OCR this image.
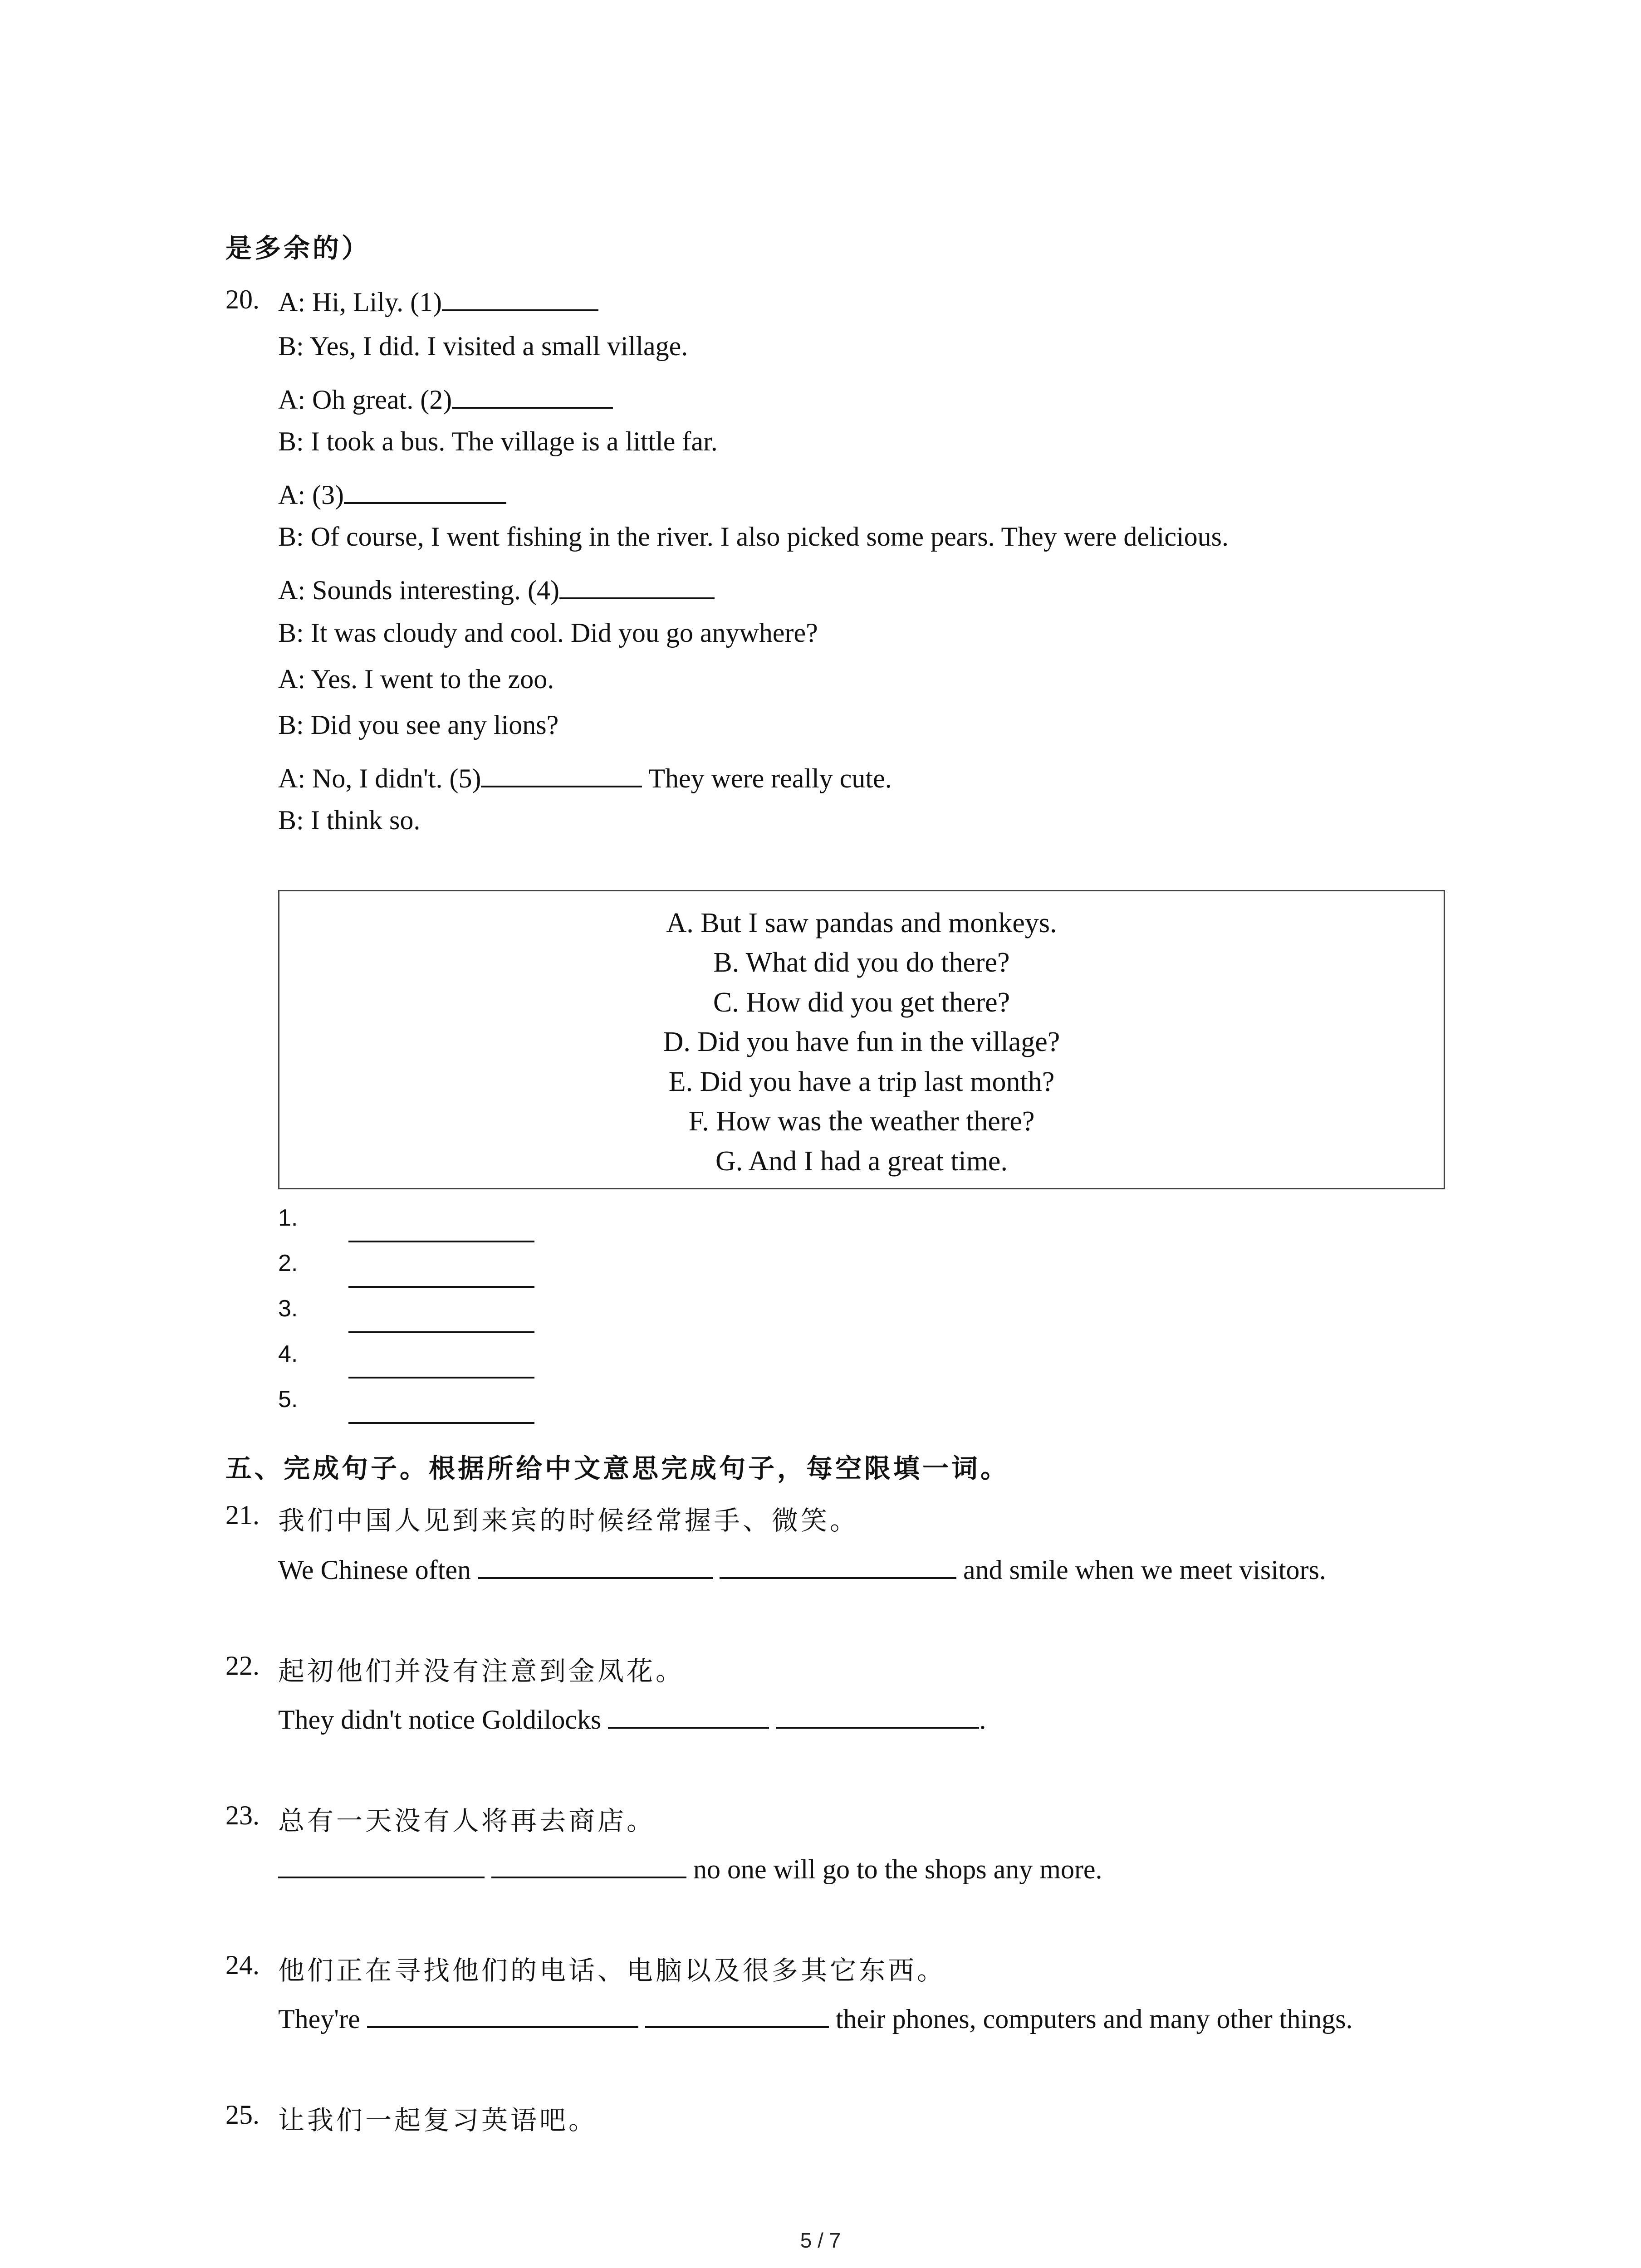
是多余的）
20. A: Hi, Lily. (1)
B: Yes, I did. I visited a small village.
A: Oh great. (2)
B: I took a bus. The village is a little far.
A: (3)
B: Of course, I went fishing in the river. I also picked some pears. They were delicious.
A: Sounds interesting. (4)
B: It was cloudy and cool. Did you go anywhere?
A: Yes. I went to the zoo.
B: Did you see any lions?
A: No, I didn't. (5)	They were really cute.
B: I think so.
A. But I saw pandas and monkeys.
B. What did you do there?
C. How did you get there?
D. Did you have fun in the village?
E. Did you have a trip last month?
F. How was the weather there?
G. And I had a great time.
1.
2.
3.
4.
5.
五、完成句子。根据所给中文意思完成句子，每空限填一词。
21. 我们中国人见到来宾的时候经常握手、微笑。
We Chinese often	and smile when we meet visitors.
22. 起初他们并没有注意到金凤花。
They didn't notice Goldilocks	.
23. 总有一天没有人将再去商店。
no one will go to the shops any more.
24. 他们正在寻找他们的电话、电脑以及很多其它东西。
They're	their phones, computers and many other things.
25. 让我们一起复习英语吧。
5 / 7
